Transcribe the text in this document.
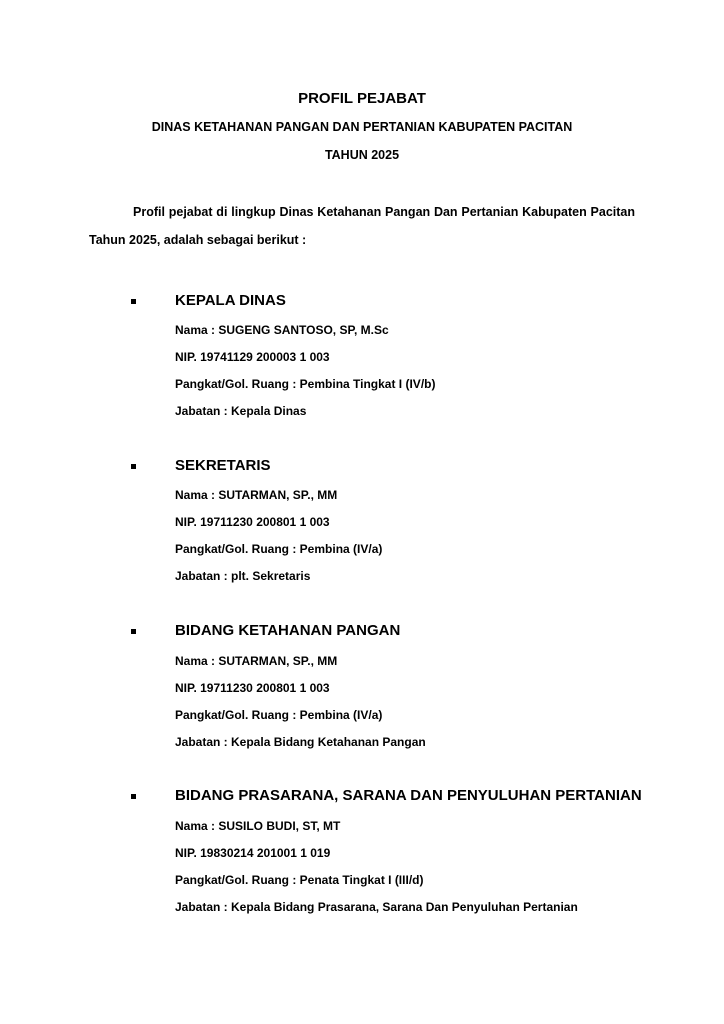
PROFIL PEJABAT
DINAS KETAHANAN PANGAN DAN PERTANIAN KABUPATEN PACITAN
TAHUN 2025

Profil pejabat di lingkup Dinas Ketahanan Pangan Dan Pertanian Kabupaten Pacitan Tahun 2025, adalah sebagai berikut :

KEPALA DINAS
Nama : SUGENG SANTOSO, SP, M.Sc
NIP. 19741129 200003 1 003
Pangkat/Gol. Ruang : Pembina Tingkat I (IV/b)
Jabatan : Kepala Dinas
SEKRETARIS
Nama : SUTARMAN, SP., MM
NIP. 19711230 200801 1 003
Pangkat/Gol. Ruang : Pembina (IV/a)
Jabatan : plt. Sekretaris
BIDANG KETAHANAN PANGAN
Nama : SUTARMAN, SP., MM
NIP. 19711230 200801 1 003
Pangkat/Gol. Ruang : Pembina (IV/a)
Jabatan : Kepala Bidang Ketahanan Pangan
BIDANG PRASARANA, SARANA DAN PENYULUHAN PERTANIAN
Nama : SUSILO BUDI, ST, MT
NIP. 19830214 201001 1 019
Pangkat/Gol. Ruang : Penata Tingkat I (III/d)
Jabatan : Kepala Bidang Prasarana, Sarana Dan Penyuluhan Pertanian
